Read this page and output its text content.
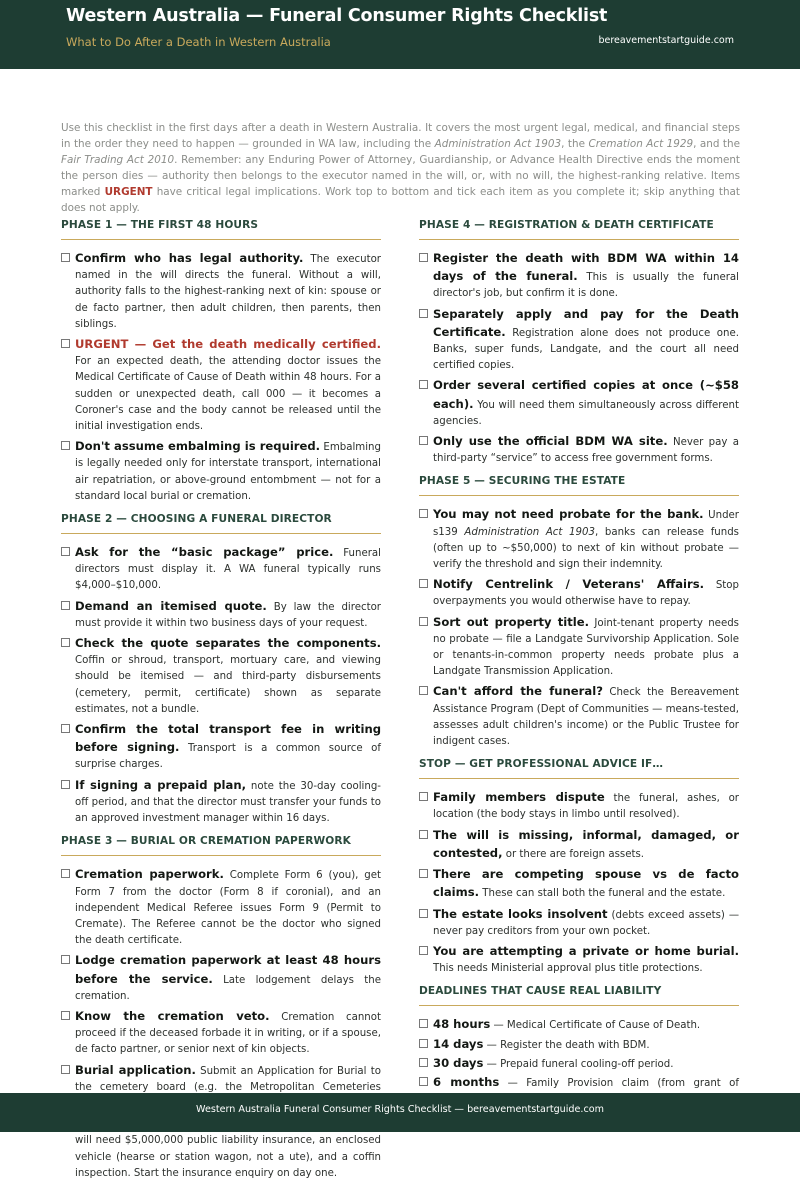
Western Australia — Funeral Consumer Rights Checklist
What to Do After a Death in Western Australia	bereavementstartguide.com
Use this checklist in the first days after a death in Western Australia. It covers the most urgent legal, medical, and financial steps in the order they need to happen — grounded in WA law, including the Administration Act 1903, the Cremation Act 1929, and the Fair Trading Act 2010. Remember: any Enduring Power of Attorney, Guardianship, or Advance Health Directive ends the moment the person dies — authority then belongs to the executor named in the will, or, with no will, the highest-ranking relative. Items marked URGENT have critical legal implications. Work top to bottom and tick each item as you complete it; skip anything that does not apply.
PHASE 1 — THE FIRST 48 HOURS
Confirm who has legal authority. The executor named in the will directs the funeral. Without a will, authority falls to the highest-ranking next of kin: spouse or de facto partner, then adult children, then parents, then siblings.
URGENT — Get the death medically certified. For an expected death, the attending doctor issues the Medical Certificate of Cause of Death within 48 hours. For a sudden or unexpected death, call 000 — it becomes a Coroner's case and the body cannot be released until the initial investigation ends.
Don't assume embalming is required. Embalming is legally needed only for interstate transport, international air repatriation, or above-ground entombment — not for a standard local burial or cremation.
PHASE 2 — CHOOSING A FUNERAL DIRECTOR
Ask for the “basic package” price. Funeral directors must display it. A WA funeral typically runs $4,000–$10,000.
Demand an itemised quote. By law the director must provide it within two business days of your request.
Check the quote separates the components. Coffin or shroud, transport, mortuary care, and viewing should be itemised — and third-party disbursements (cemetery, permit, certificate) shown as separate estimates, not a bundle.
Confirm the total transport fee in writing before signing. Transport is a common source of surprise charges.
If signing a prepaid plan, note the 30-day cooling-off period, and that the director must transfer your funds to an approved investment manager within 16 days.
PHASE 3 — BURIAL OR CREMATION PAPERWORK
Cremation paperwork. Complete Form 6 (you), get Form 7 from the doctor (Form 8 if coronial), and an independent Medical Referee issues Form 9 (Permit to Cremate). The Referee cannot be the doctor who signed the death certificate.
Lodge cremation paperwork at least 48 hours before the service. Late lodgement delays the cremation.
Know the cremation veto. Cremation cannot proceed if the deceased forbade it in writing, or if a spouse, de facto partner, or senior next of kin objects.
Burial application. Submit an Application for Burial to the cemetery board (e.g. the Metropolitan Cemeteries
will need $5,000,000 public liability insurance, an enclosed vehicle (hearse or station wagon, not a ute), and a coffin inspection. Start the insurance enquiry on day one.
PHASE 4 — REGISTRATION & DEATH CERTIFICATE
Register the death with BDM WA within 14 days of the funeral. This is usually the funeral director's job, but confirm it is done.
Separately apply and pay for the Death Certificate. Registration alone does not produce one. Banks, super funds, Landgate, and the court all need certified copies.
Order several certified copies at once (~$58 each). You will need them simultaneously across different agencies.
Only use the official BDM WA site. Never pay a third-party “service” to access free government forms.
PHASE 5 — SECURING THE ESTATE
You may not need probate for the bank. Under s139 Administration Act 1903, banks can release funds (often up to ~$50,000) to next of kin without probate — verify the threshold and sign their indemnity.
Notify Centrelink / Veterans' Affairs. Stop overpayments you would otherwise have to repay.
Sort out property title. Joint-tenant property needs no probate — file a Landgate Survivorship Application. Sole or tenants-in-common property needs probate plus a Landgate Transmission Application.
Can't afford the funeral? Check the Bereavement Assistance Program (Dept of Communities — means-tested, assesses adult children's income) or the Public Trustee for indigent cases.
STOP — GET PROFESSIONAL ADVICE IF…
Family members dispute the funeral, ashes, or location (the body stays in limbo until resolved).
The will is missing, informal, damaged, or contested, or there are foreign assets.
There are competing spouse vs de facto claims. These can stall both the funeral and the estate.
The estate looks insolvent (debts exceed assets) — never pay creditors from your own pocket.
You are attempting a private or home burial. This needs Ministerial approval plus title protections.
DEADLINES THAT CAUSE REAL LIABILITY
48 hours — Medical Certificate of Cause of Death.
14 days — Register the death with BDM.
30 days — Prepaid funeral cooling-off period.
6 months — Family Provision claim (from grant of
Western Australia Funeral Consumer Rights Checklist — bereavementstartguide.com
